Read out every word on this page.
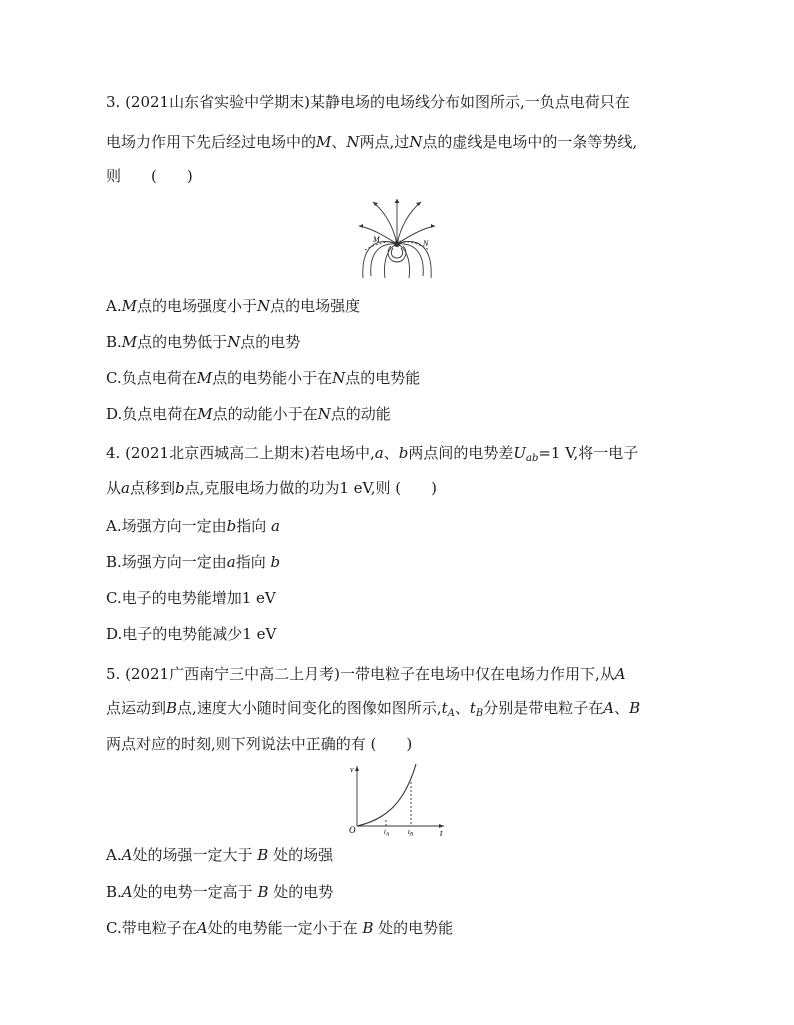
3. (2021山东省实验中学期末)某静电场的电场线分布如图所示,一负点电荷只在
电场力作用下先后经过电场中的M、N两点,过N点的虚线是电场中的一条等势线,
则　　(　　)
M	N
A.M点的电场强度小于N点的电场强度
B.M点的电势低于N点的电势
C.负点电荷在M点的电势能小于在N点的电势能
D.负点电荷在M点的动能小于在N点的动能
4. (2021北京西城高二上期末)若电场中,a、b两点间的电势差$U_{ab}=1$ V,将一电子
从a点移到b点,克服电场力做的功为1 eV,则 (　　)
A.场强方向一定由b指向 a
B.场强方向一定由a指向 b
C.电子的电势能增加1 eV
D.电子的电势能减少1 eV
5. (2021广西南宁三中高二上月考)一带电粒子在电场中仅在电场力作用下,从A
点运动到B点,速度大小随时间变化的图像如图所示$,t_A$、$t_B$分别是带电粒子在A、B
两点对应的时刻,则下列说法中正确的有 (　　)
v
t
O	$t_A$	$t_B$
A.A处的场强一定大于 B 处的场强
B.A处的电势一定高于 B 处的电势
C.带电粒子在A处的电势能一定小于在 B 处的电势能
